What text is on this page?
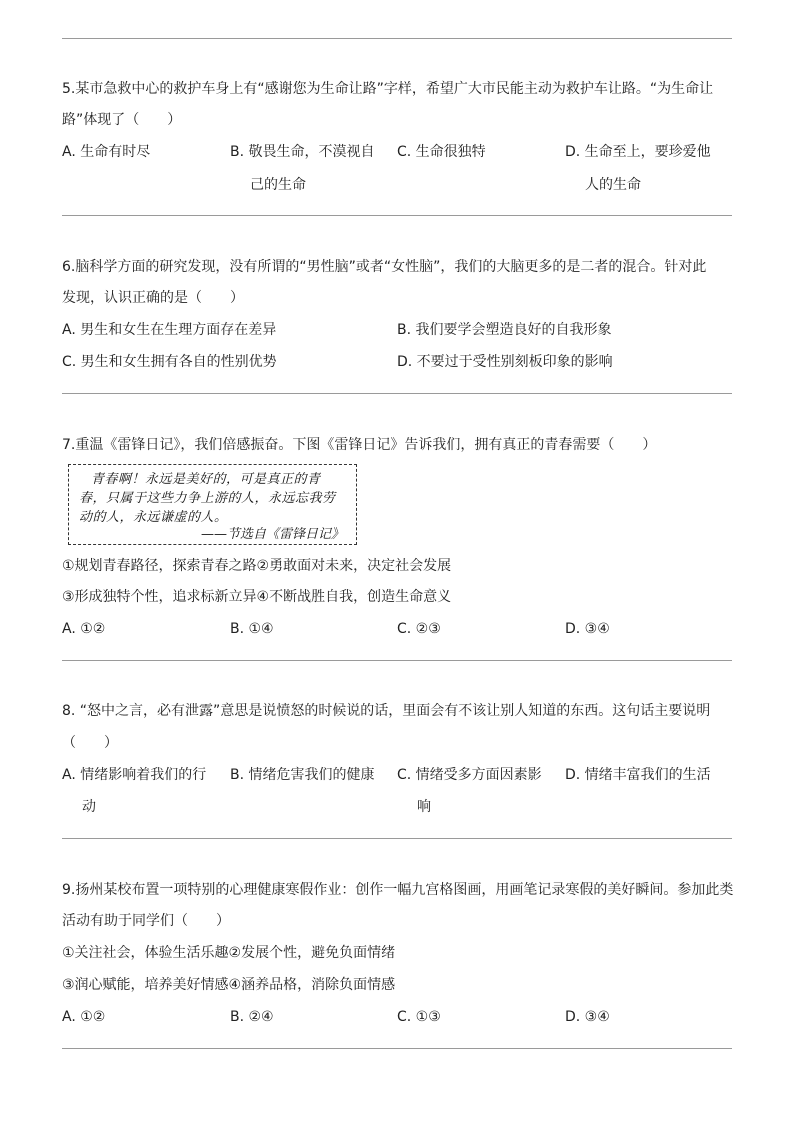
5.某市急救中心的救护车身上有“感谢您为生命让路”字样，希望广大市民能主动为救护车让路。“为生命让
路”体现了（　　）
A. 生命有时尽	B. 敬畏生命，不漠视自
己的生命
C. 生命很独特	D. 生命至上，要珍爱他
人的生命
6.脑科学方面的研究发现，没有所谓的“男性脑”或者“女性脑”，我们的大脑更多的是二者的混合。针对此
发现，认识正确的是（　　）
A. 男生和女生在生理方面存在差异	B. 我们要学会塑造良好的自我形象
C. 男生和女生拥有各自的性别优势	D. 不要过于受性别刻板印象的影响
7.重温《雷锋日记》，我们倍感振奋。下图《雷锋日记》告诉我们，拥有真正的青春需要（　　）
青春啊！永远是美好的，可是真正的青
春，只属于这些力争上游的人，永远忘我劳
动的人，永远谦虚的人。
——节选自《雷锋日记》
①规划青春路径，探索青春之路②勇敢面对未来，决定社会发展
③形成独特个性，追求标新立异④不断战胜自我，创造生命意义
A. ①②	B. ①④	C. ②③	D. ③④
8. “怒中之言，必有泄露”意思是说愤怒的时候说的话，里面会有不该让别人知道的东西。这句话主要说明
（　　）
A. 情绪影响着我们的行
动
B. 情绪危害我们的健康 C. 情绪受多方面因素影
响
D. 情绪丰富我们的生活
9.扬州某校布置一项特别的心理健康寒假作业：创作一幅九宫格图画，用画笔记录寒假的美好瞬间。参加此类
活动有助于同学们（　　）
①关注社会，体验生活乐趣②发展个性，避免负面情绪
③润心赋能，培养美好情感④涵养品格，消除负面情感
A. ①②	B. ②④	C. ①③	D. ③④
